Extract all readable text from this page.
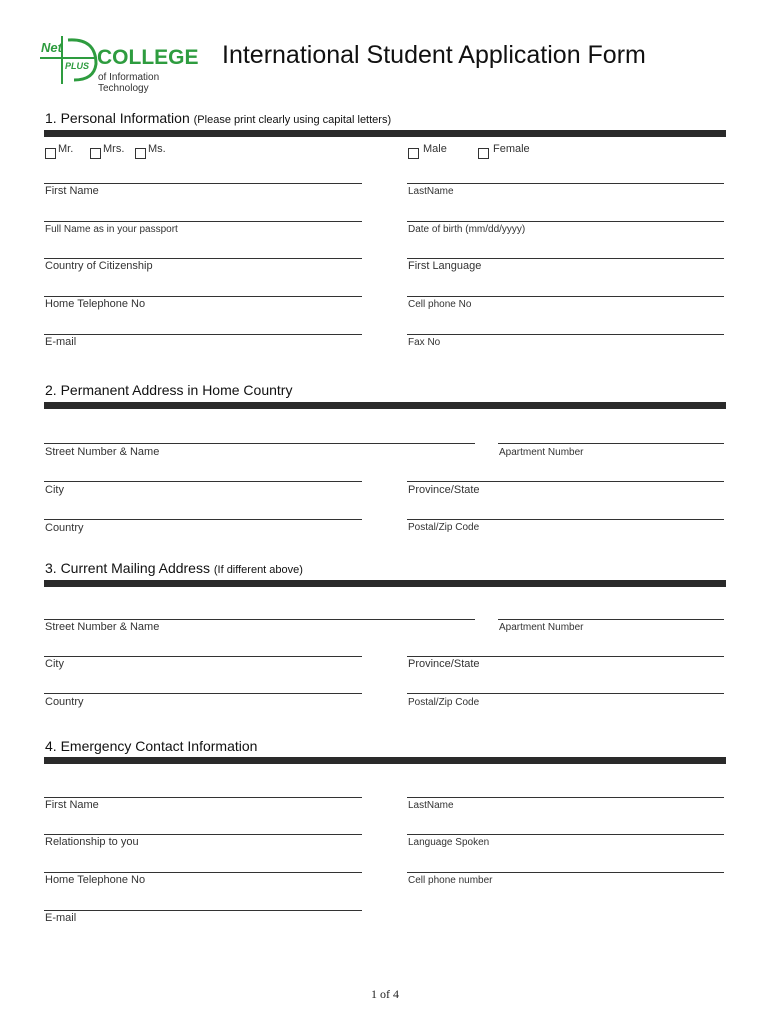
Net
PLUS COLLEGE
of Information Technology
International Student Application Form
1. Personal Information (Please print clearly using capital letters)
Mr.	Mrs. Ms.	Male	Female
First Name	LastName
Full Name as in your passport	Date of birth (mm/dd/yyyy)
Country of Citizenship	First Language
Home Telephone No	Cell phone No
E-mail	Fax No
2. Permanent Address in Home Country
Street Number & Name	Apartment Number
City	Province/State
Country	Postal/Zip Code
3. Current Mailing Address (If different above)
Street Number & Name	Apartment Number
City	Province/State
Country	Postal/Zip Code
4. Emergency Contact Information
First Name	LastName
Relationship to you	Language Spoken
Home Telephone No	Cell phone number
E-mail
1 of 4
